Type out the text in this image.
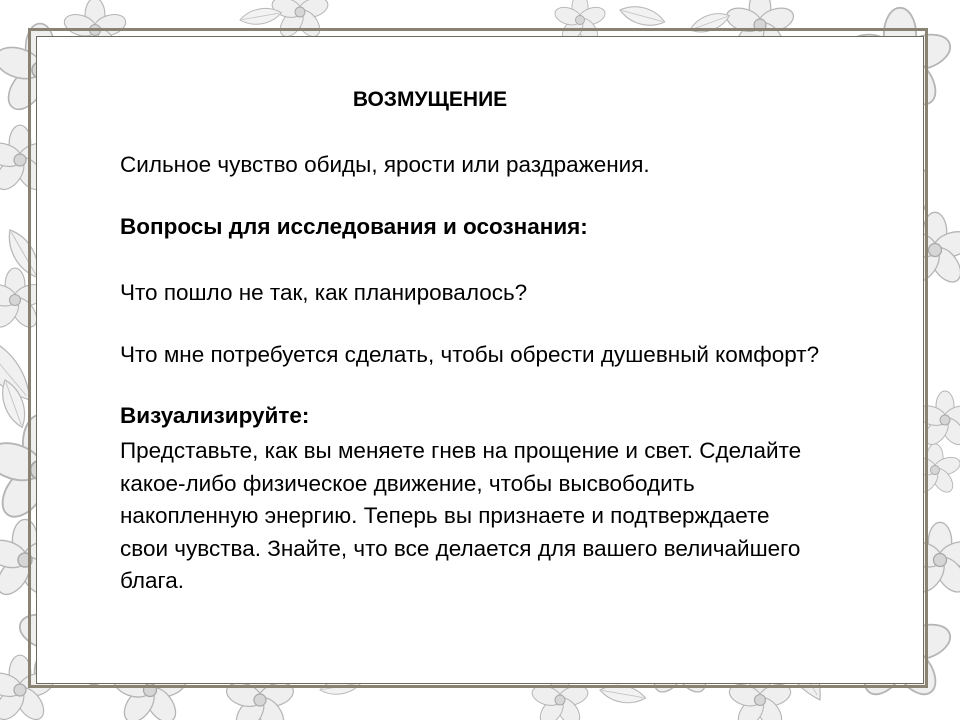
ВОЗМУЩЕНИЕ
Сильное чувство обиды, ярости или раздражения.
Вопросы для исследования и осознания:
Что пошло не так, как планировалось?
Что мне потребуется сделать, чтобы обрести душевный комфорт?
Визуализируйте:
Представьте, как вы меняете гнев на прощение и свет. Сделайте
какое-либо физическое движение, чтобы высвободить
накопленную энергию. Теперь вы признаете и подтверждаете
свои чувства. Знайте, что все делается для вашего величайшего
блага.
